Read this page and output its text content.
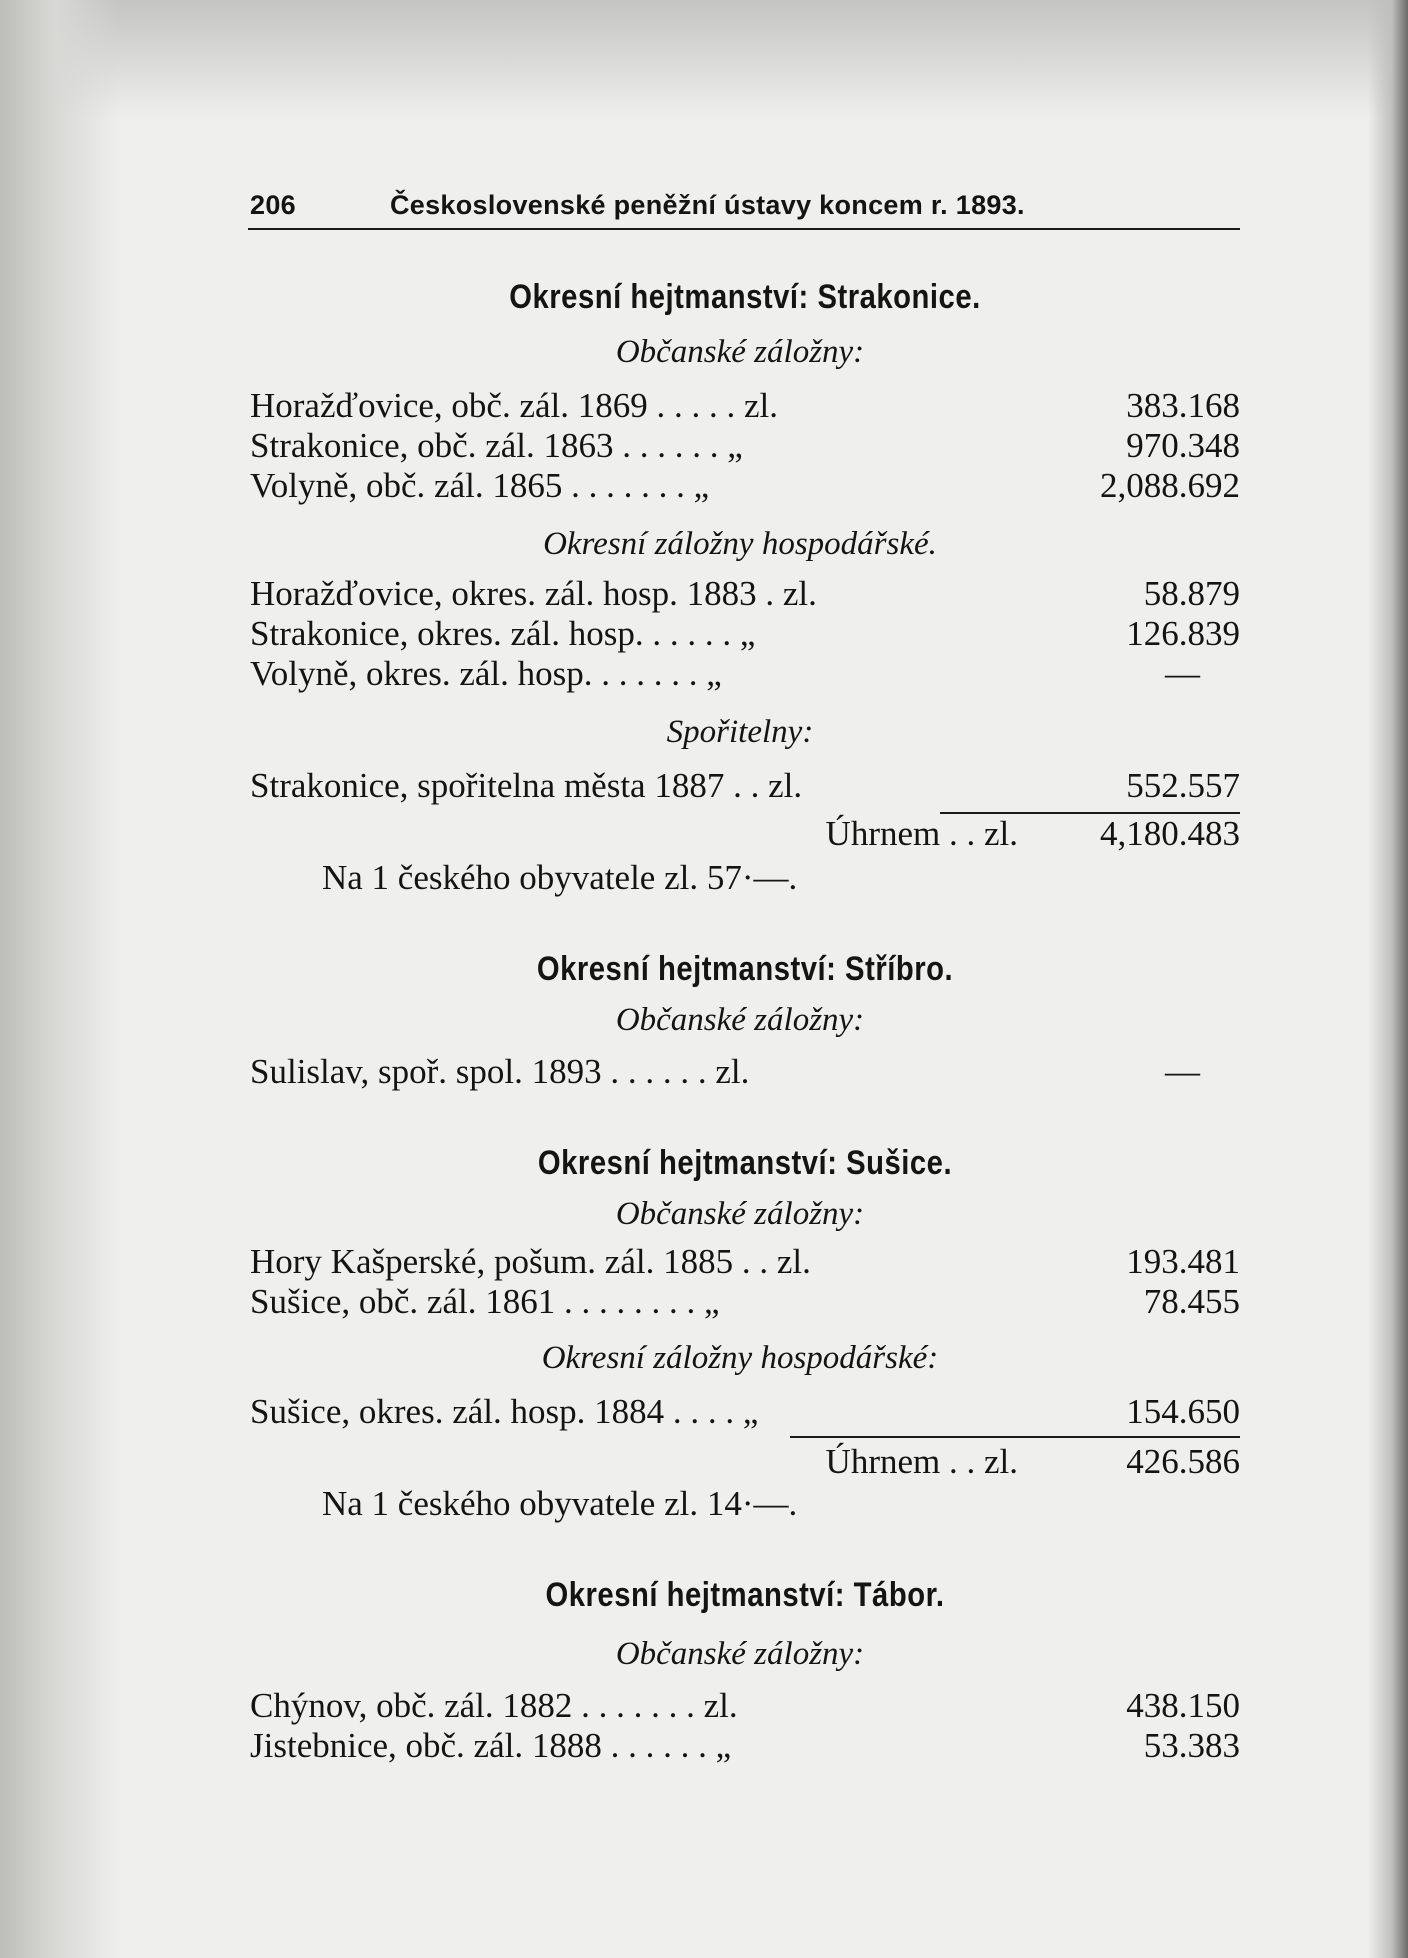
206	Československé peněžní ústavy koncem r. 1893.
Okresní hejtmanství: Strakonice.
Občanské záložny:
Horažďovice, obč. zál. 1869 . . . . . zl.	383.168
Strakonice, obč. zál. 1863 . . . . . . „	970.348
Volyně, obč. zál. 1865 . . . . . . . „	2,088.692
Okresní záložny hospodářské.
Horažďovice, okres. zál. hosp. 1883 . zl.	58.879
Strakonice, okres. zál. hosp. . . . . . „	126.839
Volyně, okres. zál. hosp. . . . . . . „	—
Spořitelny:
Strakonice, spořitelna města 1887 . . zl.	552.557
Úhrnem . . zl. 4,180.483
Na 1 českého obyvatele zl. 57·—.
Okresní hejtmanství: Stříbro.
Občanské záložny:
Sulislav, spoř. spol. 1893 . . . . . . zl.	—
Okresní hejtmanství: Sušice.
Občanské záložny:
Hory Kašperské, pošum. zál. 1885 . . zl.	193.481
Sušice, obč. zál. 1861 . . . . . . . . „	78.455
Okresní záložny hospodářské:
Sušice, okres. zál. hosp. 1884 . . . . „	154.650
Úhrnem . . zl.	426.586
Na 1 českého obyvatele zl. 14·—.
Okresní hejtmanství: Tábor.
Občanské záložny:
Chýnov, obč. zál. 1882 . . . . . . . zl.	438.150
Jistebnice, obč. zál. 1888 . . . . . . „	53.383
